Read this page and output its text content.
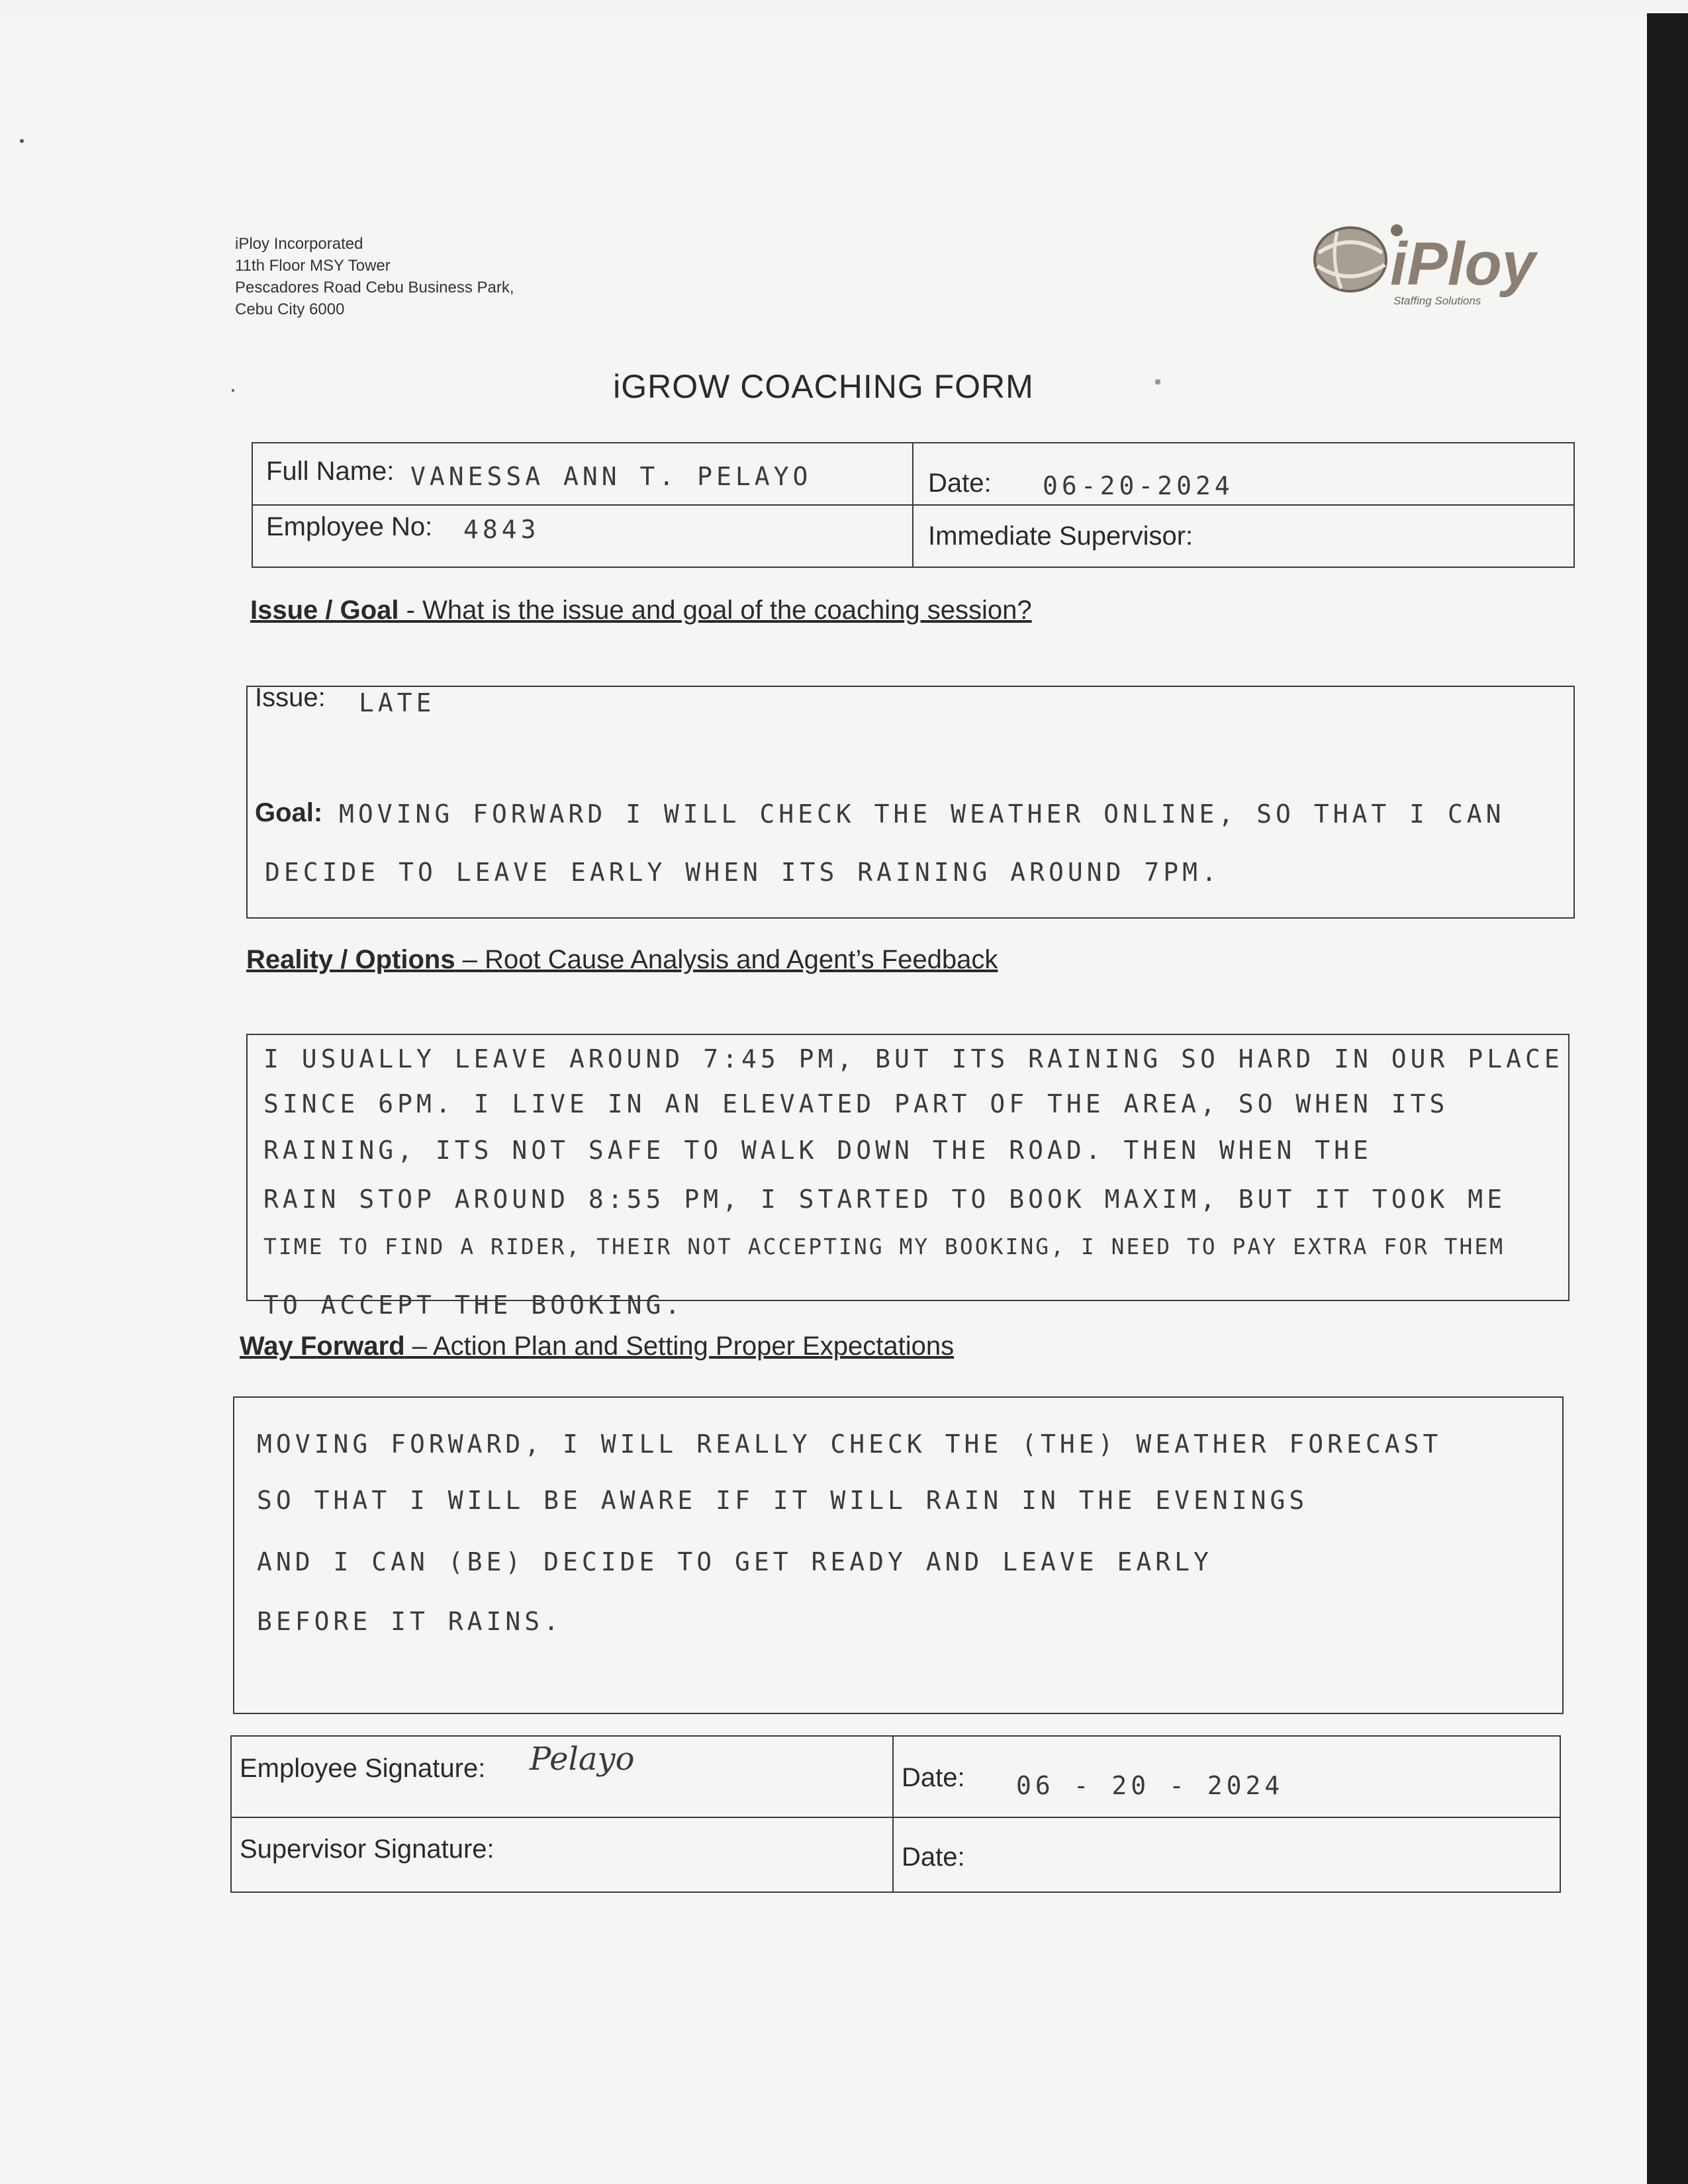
iPloy Incorporated
11th Floor MSY Tower
Pescadores Road Cebu Business Park,
Cebu City 6000
iPloy
Staffing Solutions
iGROW COACHING FORM
Full Name: VANESSA ANN T. PELAYO	Date: 06-20-2024
Employee No: 4843	Immediate Supervisor:
Issue / Goal - What is the issue and goal of the coaching session?
Issue: LATE
Goal: MOVING FORWARD I WILL CHECK THE WEATHER ONLINE, SO THAT I CAN
DECIDE TO LEAVE EARLY WHEN ITS RAINING AROUND 7PM.
Reality / Options – Root Cause Analysis and Agent’s Feedback
I USUALLY LEAVE AROUND 7:45 PM, BUT ITS RAINING SO HARD IN OUR PLACE
SINCE 6PM. I LIVE IN AN ELEVATED PART OF THE AREA, SO WHEN ITS
RAINING, ITS NOT SAFE TO WALK DOWN THE ROAD. THEN WHEN THE
RAIN STOP AROUND 8:55 PM, I STARTED TO BOOK MAXIM, BUT IT TOOK ME
TIME TO FIND A RIDER, THEIR NOT ACCEPTING MY BOOKING, I NEED TO PAY EXTRA FOR THEM
TO ACCEPT THE BOOKING.
Way Forward – Action Plan and Setting Proper Expectations
MOVING FORWARD, I WILL REALLY CHECK THE (THE) WEATHER FORECAST
SO THAT I WILL BE AWARE IF IT WILL RAIN IN THE EVENINGS
AND I CAN (BE) DECIDE TO GET READY AND LEAVE EARLY
BEFORE IT RAINS.
Employee Signature: Pelayo	Date: 06 - 20 - 2024
Supervisor Signature:	Date:
